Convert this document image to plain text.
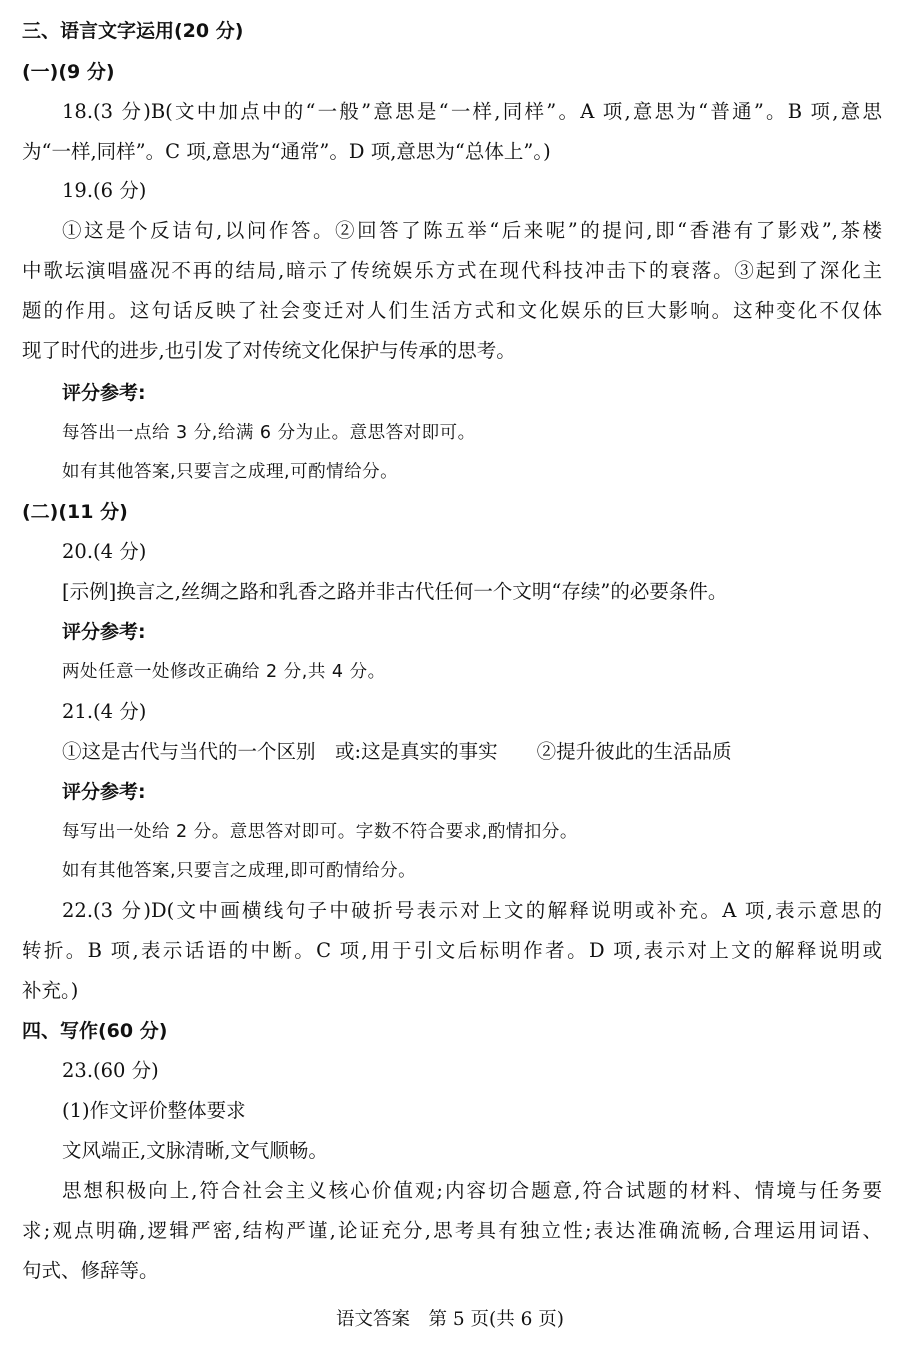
三、语言文字运用(20 分)
(一)(9 分)
18.(3 分)B(文中加点中的“一般”意思是“一样,同样”。A 项,意思为“普通”。B 项,意思
为“一样,同样”。C 项,意思为“通常”。D 项,意思为“总体上”。)
19.(6 分)
①这是个反诘句,以问作答。②回答了陈五举“后来呢”的提问,即“香港有了影戏”,茶楼
中歌坛演唱盛况不再的结局,暗示了传统娱乐方式在现代科技冲击下的衰落。③起到了深化主
题的作用。这句话反映了社会变迁对人们生活方式和文化娱乐的巨大影响。这种变化不仅体
现了时代的进步,也引发了对传统文化保护与传承的思考。
评分参考:
每答出一点给 3 分,给满 6 分为止。意思答对即可。
如有其他答案,只要言之成理,可酌情给分。
(二)(11 分)
20.(4 分)
[示例]换言之,丝绸之路和乳香之路并非古代任何一个文明“存续”的必要条件。
评分参考:
两处任意一处修改正确给 2 分,共 4 分。
21.(4 分)
①这是古代与当代的一个区别　或:这是真实的事实　　②提升彼此的生活品质
评分参考:
每写出一处给 2 分。意思答对即可。字数不符合要求,酌情扣分。
如有其他答案,只要言之成理,即可酌情给分。
22.(3 分)D(文中画横线句子中破折号表示对上文的解释说明或补充。A 项,表示意思的
转折。B 项,表示话语的中断。C 项,用于引文后标明作者。D 项,表示对上文的解释说明或
补充。)
四、写作(60 分)
23.(60 分)
(1)作文评价整体要求
文风端正,文脉清晰,文气顺畅。
思想积极向上,符合社会主义核心价值观;内容切合题意,符合试题的材料、情境与任务要
求;观点明确,逻辑严密,结构严谨,论证充分,思考具有独立性;表达准确流畅,合理运用词语、
句式、修辞等。
语文答案　第 5 页(共 6 页)
